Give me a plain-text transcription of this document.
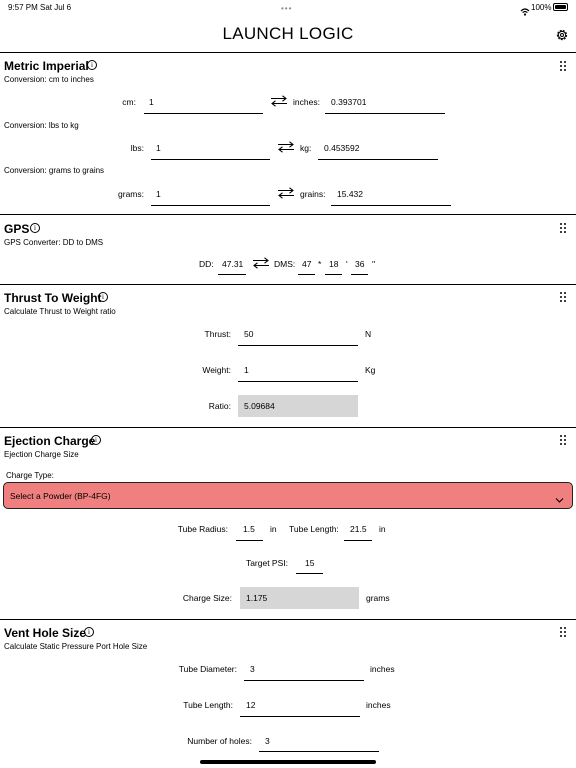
9:57 PM Sat Jul 6	•••	100%
LAUNCH LOGIC
Metric Imperial
i
Conversion: cm to inches
cm: 1	inches: 0.393701
Conversion: lbs to kg
lbs: 1	kg: 0.453592
Conversion: grams to grains
grams: 1	grains: 15.432
GPS
i
GPS Converter: DD to DMS
DD: 47.31	DMS: 47 * 18 ' 36 ''
Thrust To Weight
i
Calculate Thrust to Weight ratio
Thrust: 50	N
Weight: 1	Kg
Ratio: 5.09684
Ejection Charge
i
Ejection Charge Size
Charge Type:
Select a Powder (BP-4FG)
Tube Radius: 1.5 in Tube Length: 21.5 in
Target PSI: 15
Charge Size: 1.175	grams
Vent Hole Size
i
Calculate Static Pressure Port Hole Size
Tube Diameter: 3	inches
Tube Length: 12	inches
Number of holes: 3
